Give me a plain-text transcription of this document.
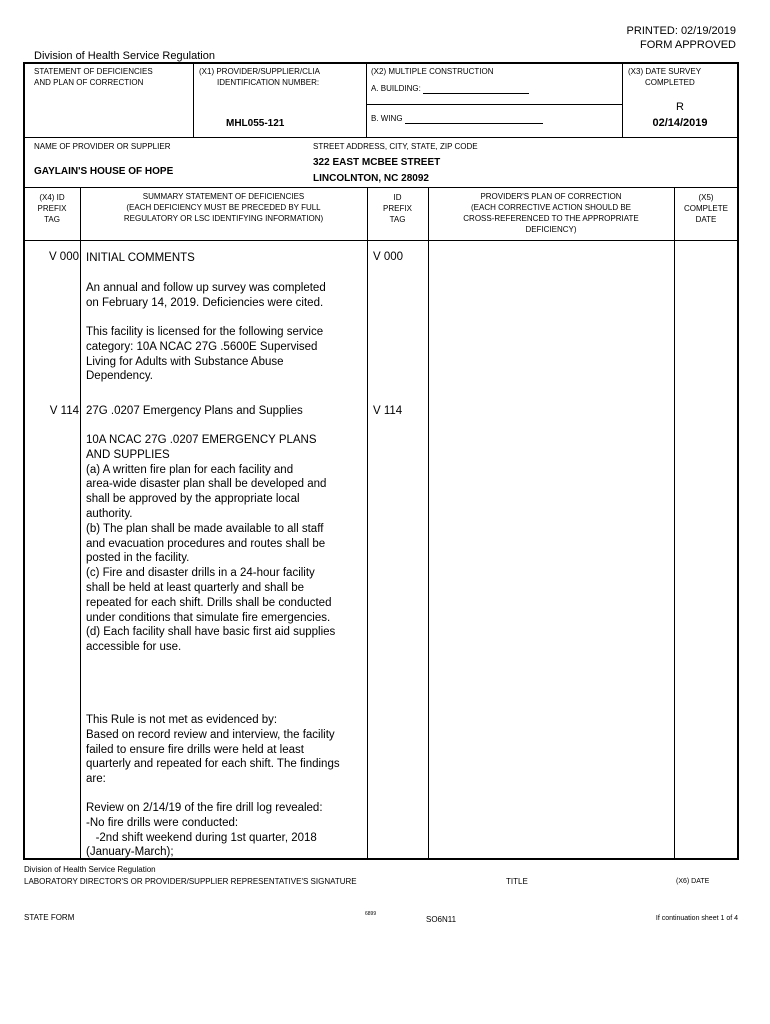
PRINTED: 02/19/2019
FORM APPROVED
Division of Health Service Regulation
STATEMENT OF DEFICIENCIES
AND PLAN OF CORRECTION
(X1) PROVIDER/SUPPLIER/CLIA
IDENTIFICATION NUMBER:
MHL055-121
(X2) MULTIPLE CONSTRUCTION
A. BUILDING:
B. WING
(X3) DATE SURVEY
COMPLETED
R
02/14/2019
NAME OF PROVIDER OR SUPPLIER
GAYLAIN'S HOUSE OF HOPE
STREET ADDRESS, CITY, STATE, ZIP CODE
322 EAST MCBEE STREET
LINCOLNTON, NC 28092
(X4) ID
PREFIX
TAG
SUMMARY STATEMENT OF DEFICIENCIES
(EACH DEFICIENCY MUST BE PRECEDED BY FULL
REGULATORY OR LSC IDENTIFYING INFORMATION)
ID
PREFIX
TAG
PROVIDER'S PLAN OF CORRECTION
(EACH CORRECTIVE ACTION SHOULD BE
CROSS-REFERENCED TO THE APPROPRIATE
DEFICIENCY)
(X5)
COMPLETE
DATE
V 000 INITIAL COMMENTS	V 000
An annual and follow up survey was completed
on February 14, 2019. Deficiencies were cited.
This facility is licensed for the following service
category: 10A NCAC 27G .5600E Supervised
Living for Adults with Substance Abuse
Dependency.
V 114 27G .0207 Emergency Plans and Supplies	V 114
10A NCAC 27G .0207 EMERGENCY PLANS
AND SUPPLIES
(a) A written fire plan for each facility and
area-wide disaster plan shall be developed and
shall be approved by the appropriate local
authority.
(b) The plan shall be made available to all staff
and evacuation procedures and routes shall be
posted in the facility.
(c) Fire and disaster drills in a 24-hour facility
shall be held at least quarterly and shall be
repeated for each shift. Drills shall be conducted
under conditions that simulate fire emergencies.
(d) Each facility shall have basic first aid supplies
accessible for use.
This Rule is not met as evidenced by:
Based on record review and interview, the facility
failed to ensure fire drills were held at least
quarterly and repeated for each shift. The findings
are:
Review on 2/14/19 of the fire drill log revealed:
-No fire drills were conducted:
-2nd shift weekend during 1st quarter, 2018
(January-March);
Division of Health Service Regulation
LABORATORY DIRECTOR'S OR PROVIDER/SUPPLIER REPRESENTATIVE'S SIGNATURE	TITLE	(X6) DATE
STATE FORM	6899
SO6N11	If continuation sheet 1 of 4
